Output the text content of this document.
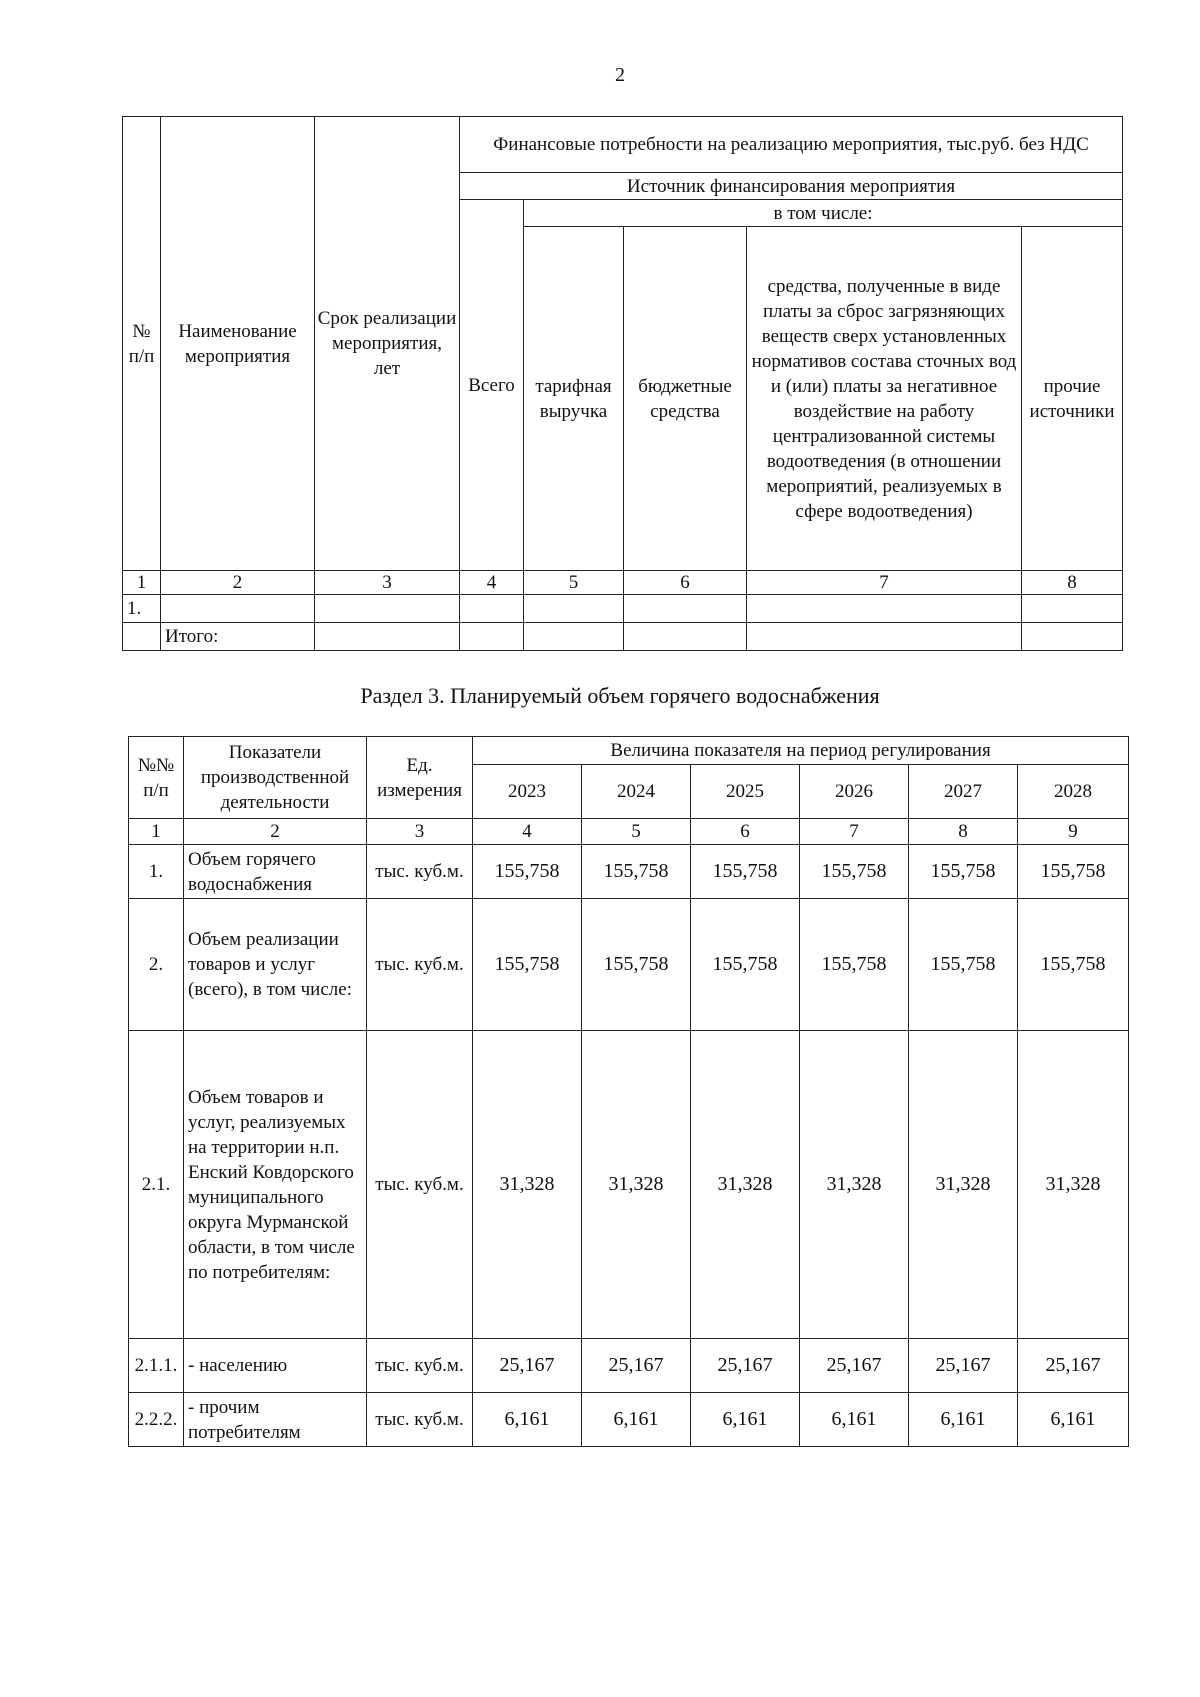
2
№ п/п	Наименование мероприятия	Срок реализации мероприятия, лет	Финансовые потребности на реализацию мероприятия, тыс.руб. без НДС				
			Источник финансирования мероприятия				
			Всего	в том числе:			
				тарифная выручка	бюджетные средства	средства, полученные в виде платы за сброс загрязняющих веществ сверх установленных нормативов состава сточных вод и (или) платы за негативное воздействие на работу централизованной системы водоотведения (в отношении мероприятий, реализуемых в сфере водоотведения)	прочие источники
1	2	3	4	5	6	7	8
1.							
	Итого:						
Раздел 3. Планируемый объем горячего водоснабжения
№№ п/п	Показатели производственной деятельности	Ед. измерения	Величина показателя на период регулирования					
			2023	2024	2025	2026	2027	2028
1	2	3	4	5	6	7	8	9
1.	Объем горячего водоснабжения	тыс. куб.м.	155,758	155,758	155,758	155,758	155,758	155,758
2.	Объем реализации товаров и услуг (всего), в том числе:	тыс. куб.м.	155,758	155,758	155,758	155,758	155,758	155,758
2.1.	Объем товаров и услуг, реализуемых на территории н.п. Енский Ковдорского муниципального округа Мурманской области, в том числе по потребителям:	тыс. куб.м.	31,328	31,328	31,328	31,328	31,328	31,328
2.1.1.	- населению	тыс. куб.м.	25,167	25,167	25,167	25,167	25,167	25,167
2.2.2.	- прочим потребителям	тыс. куб.м.	6,161	6,161	6,161	6,161	6,161	6,161
